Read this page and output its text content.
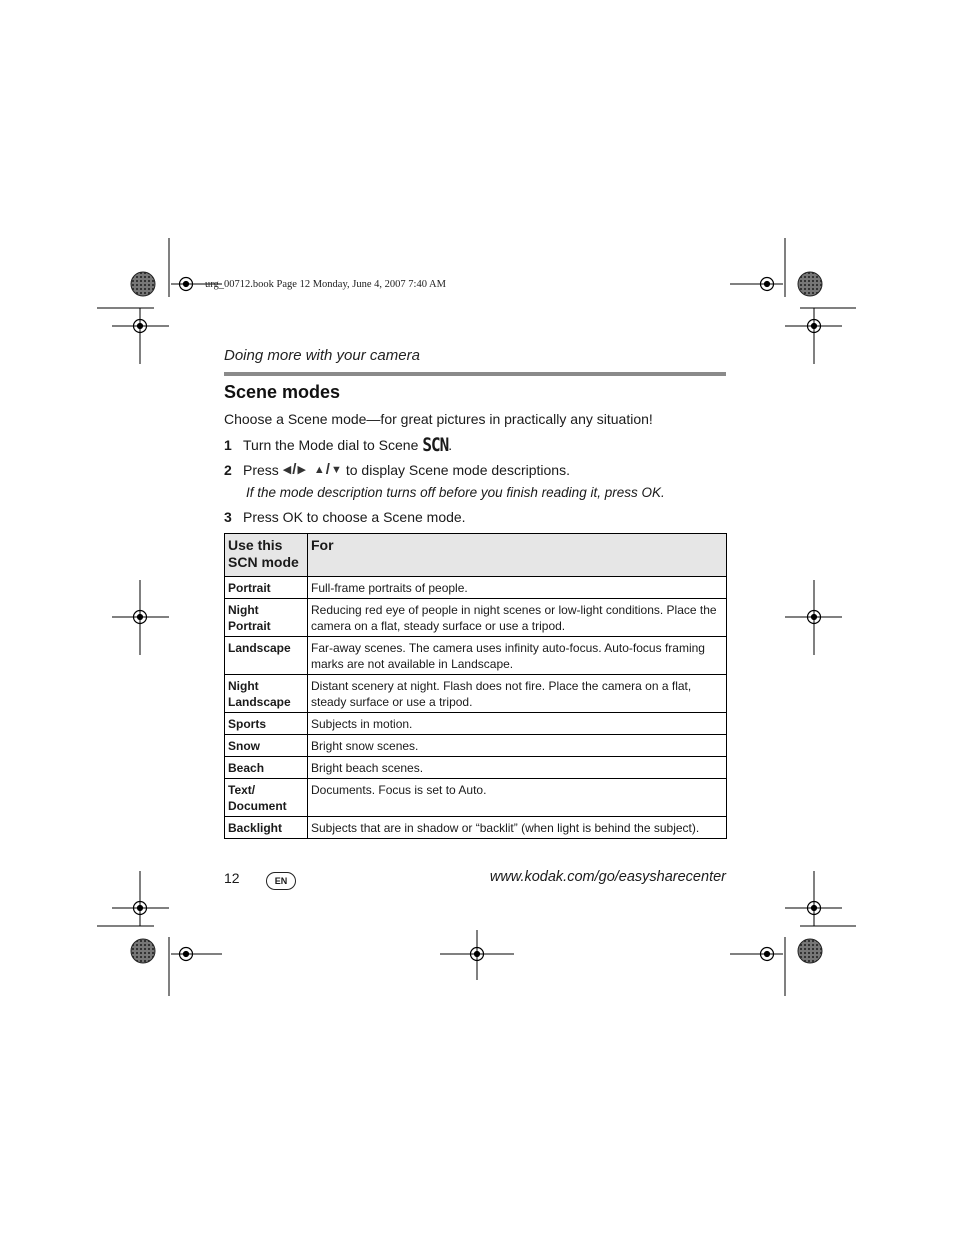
urg_00712.book Page 12 Monday, June 4, 2007 7:40 AM
Doing more with your camera
Scene modes
Choose a Scene mode—for great pictures in practically any situation!
1 Turn the Mode dial to Scene SCN .
2 Press ◀ / ▶ ▲ / ▼ to display Scene mode descriptions.
If the mode description turns off before you finish reading it, press OK.
3 Press OK to choose a Scene mode.
Use this SCN mode	For
Portrait	Full-frame portraits of people.
Night Portrait	Reducing red eye of people in night scenes or low-light conditions. Place the camera on a flat, steady surface or use a tripod.
Landscape	Far-away scenes. The camera uses infinity auto-focus. Auto-focus framing marks are not available in Landscape.
Night Landscape	Distant scenery at night. Flash does not fire. Place the camera on a flat, steady surface or use a tripod.
Sports	Subjects in motion.
Snow	Bright snow scenes.
Beach	Bright beach scenes.
Text/ Document	Documents. Focus is set to Auto.
Backlight	Subjects that are in shadow or “backlit” (when light is behind the subject).
12	EN	www.kodak.com/go/easysharecenter
